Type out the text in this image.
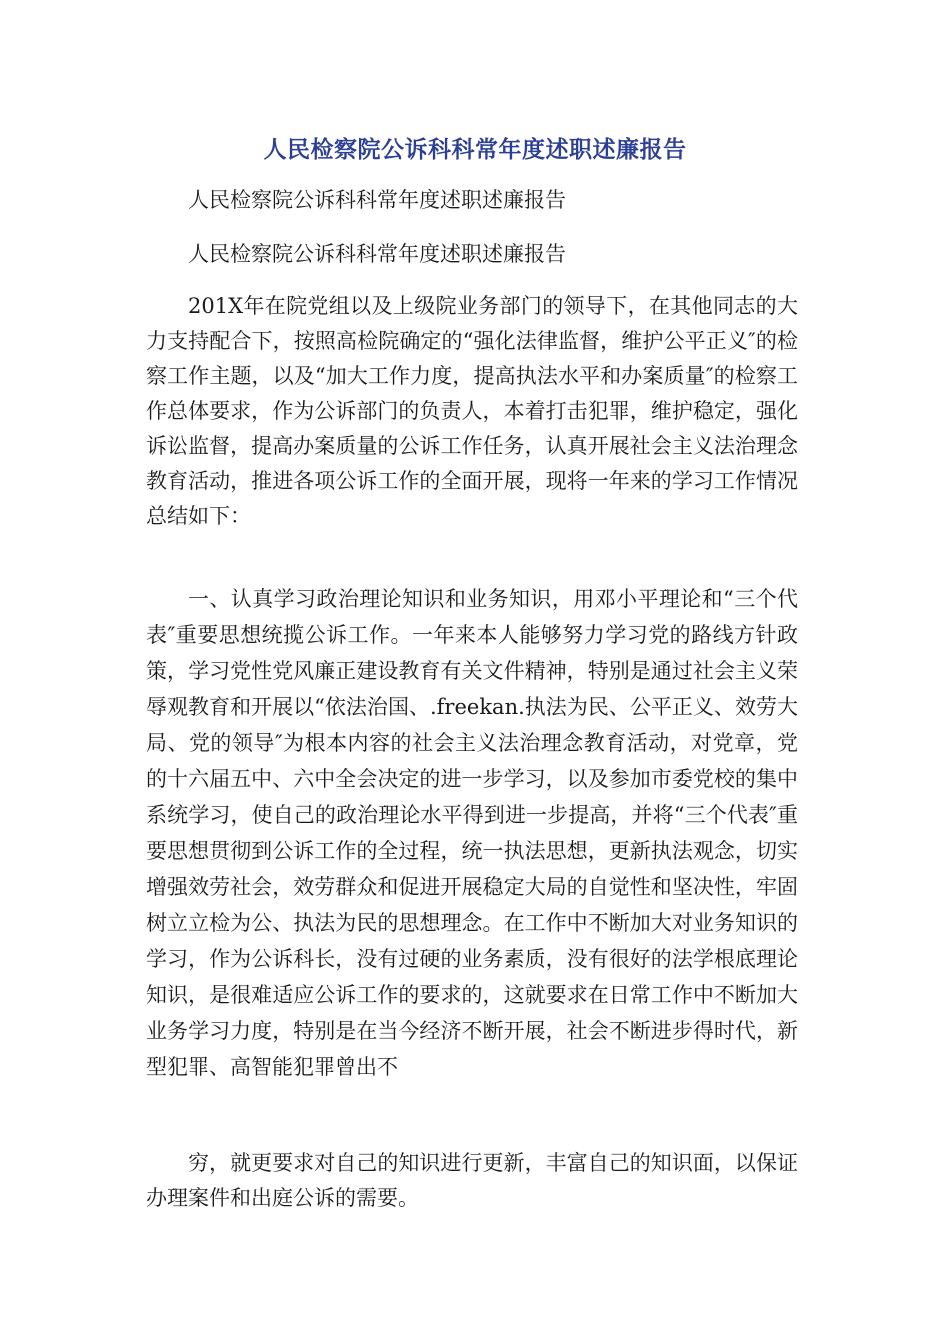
人民检察院公诉科科常年度述职述廉报告

人民检察院公诉科科常年度述职述廉报告

人民检察院公诉科科常年度述职述廉报告

201X年在院党组以及上级院业务部门的领导下，在其他同志的大力支持配合下，按照高检院确定的“强化法律监督，维护公平正义″的检察工作主题，以及“加大工作力度，提高执法水平和办案质量″的检察工作总体要求，作为公诉部门的负责人，本着打击犯罪，维护稳定，强化诉讼监督，提高办案质量的公诉工作任务，认真开展社会主义法治理念教育活动，推进各项公诉工作的全面开展，现将一年来的学习工作情况总结如下：

一、认真学习政治理论知识和业务知识，用邓小平理论和“三个代表″重要思想统揽公诉工作。一年来本人能够努力学习党的路线方针政策，学习党性党风廉正建设教育有关文件精神，特别是通过社会主义荣辱观教育和开展以“依法治国、.freekan.执法为民、公平正义、效劳大局、党的领导″为根本内容的社会主义法治理念教育活动，对党章，党的十六届五中、六中全会决定的进一步学习，以及参加市委党校的集中系统学习，使自己的政治理论水平得到进一步提高，并将“三个代表″重要思想贯彻到公诉工作的全过程，统一执法思想，更新执法观念，切实增强效劳社会，效劳群众和促进开展稳定大局的自觉性和坚决性，牢固树立立检为公、执法为民的思想理念。在工作中不断加大对业务知识的学习，作为公诉科长，没有过硬的业务素质，没有很好的法学根底理论知识，是很难适应公诉工作的要求的，这就要求在日常工作中不断加大业务学习力度，特别是在当今经济不断开展，社会不断进步得时代，新型犯罪、高智能犯罪曾出不

穷，就更要求对自己的知识进行更新，丰富自己的知识面，以保证办理案件和出庭公诉的需要。
